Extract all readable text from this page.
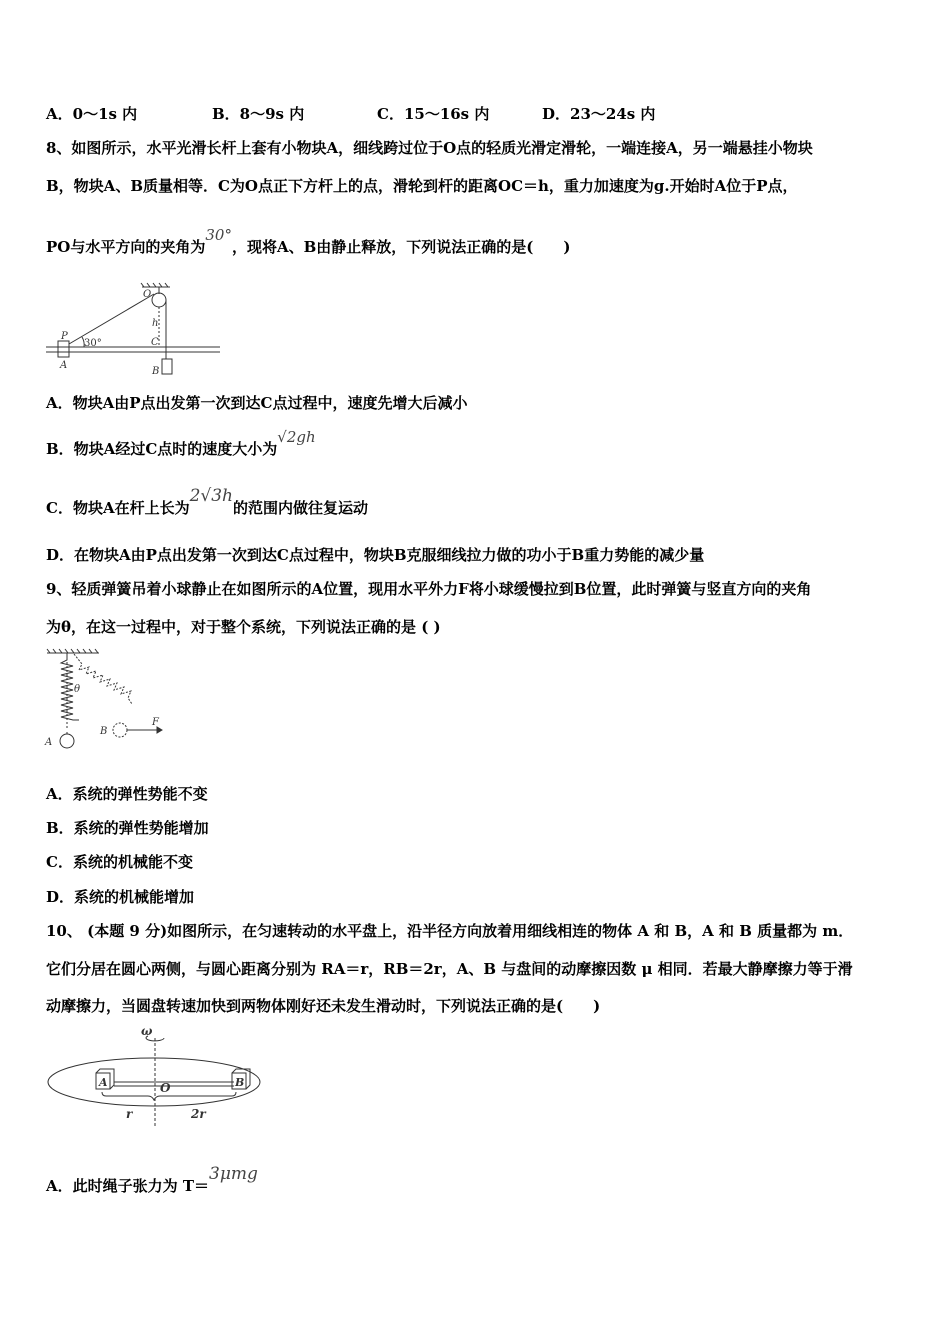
A．0～1s 内	B．8～9s 内	C．15～16s 内	D．23～24s 内
8、如图所示，水平光滑长杆上套有小物块A，细线跨过位于O点的轻质光滑定滑轮，一端连接A，另一端悬挂小物块
B，物块A、B质量相等．C为O点正下方杆上的点，滑轮到杆的距离OC＝h，重力加速度为g.开始时A位于P点，
PO与水平方向的夹角为30°，现将A、B由静止释放，下列说法正确的是(　　)
O
P
h
C
A
B
30°
A．物块A由P点出发第一次到达C点过程中，速度先增大后减小
B．物块A经过C点时的速度大小为√2gh
C．物块A在杆上长为2√3h的范围内做往复运动
D．在物块A由P点出发第一次到达C点过程中，物块B克服细线拉力做的功小于B重力势能的减少量
9、轻质弹簧吊着小球静止在如图所示的A位置，现用水平外力F将小球缓慢拉到B位置，此时弹簧与竖直方向的夹角
为θ，在这一过程中，对于整个系统，下列说法正确的是 ( )
θ
A
B
F
A．系统的弹性势能不变
B．系统的弹性势能增加
C．系统的机械能不变
D．系统的机械能增加
10、 (本题 9 分)如图所示，在匀速转动的水平盘上，沿半径方向放着用细线相连的物体 A 和 B，A 和 B 质量都为 m．
它们分居在圆心两侧，与圆心距离分别为 RA＝r，RB＝2r，A、B 与盘间的动摩擦因数 μ 相同．若最大静摩擦力等于滑
动摩擦力，当圆盘转速加快到两物体刚好还未发生滑动时，下列说法正确的是(　　)
ω
A	O	B
r	2r
A．此时绳子张力为 T＝3μmg
